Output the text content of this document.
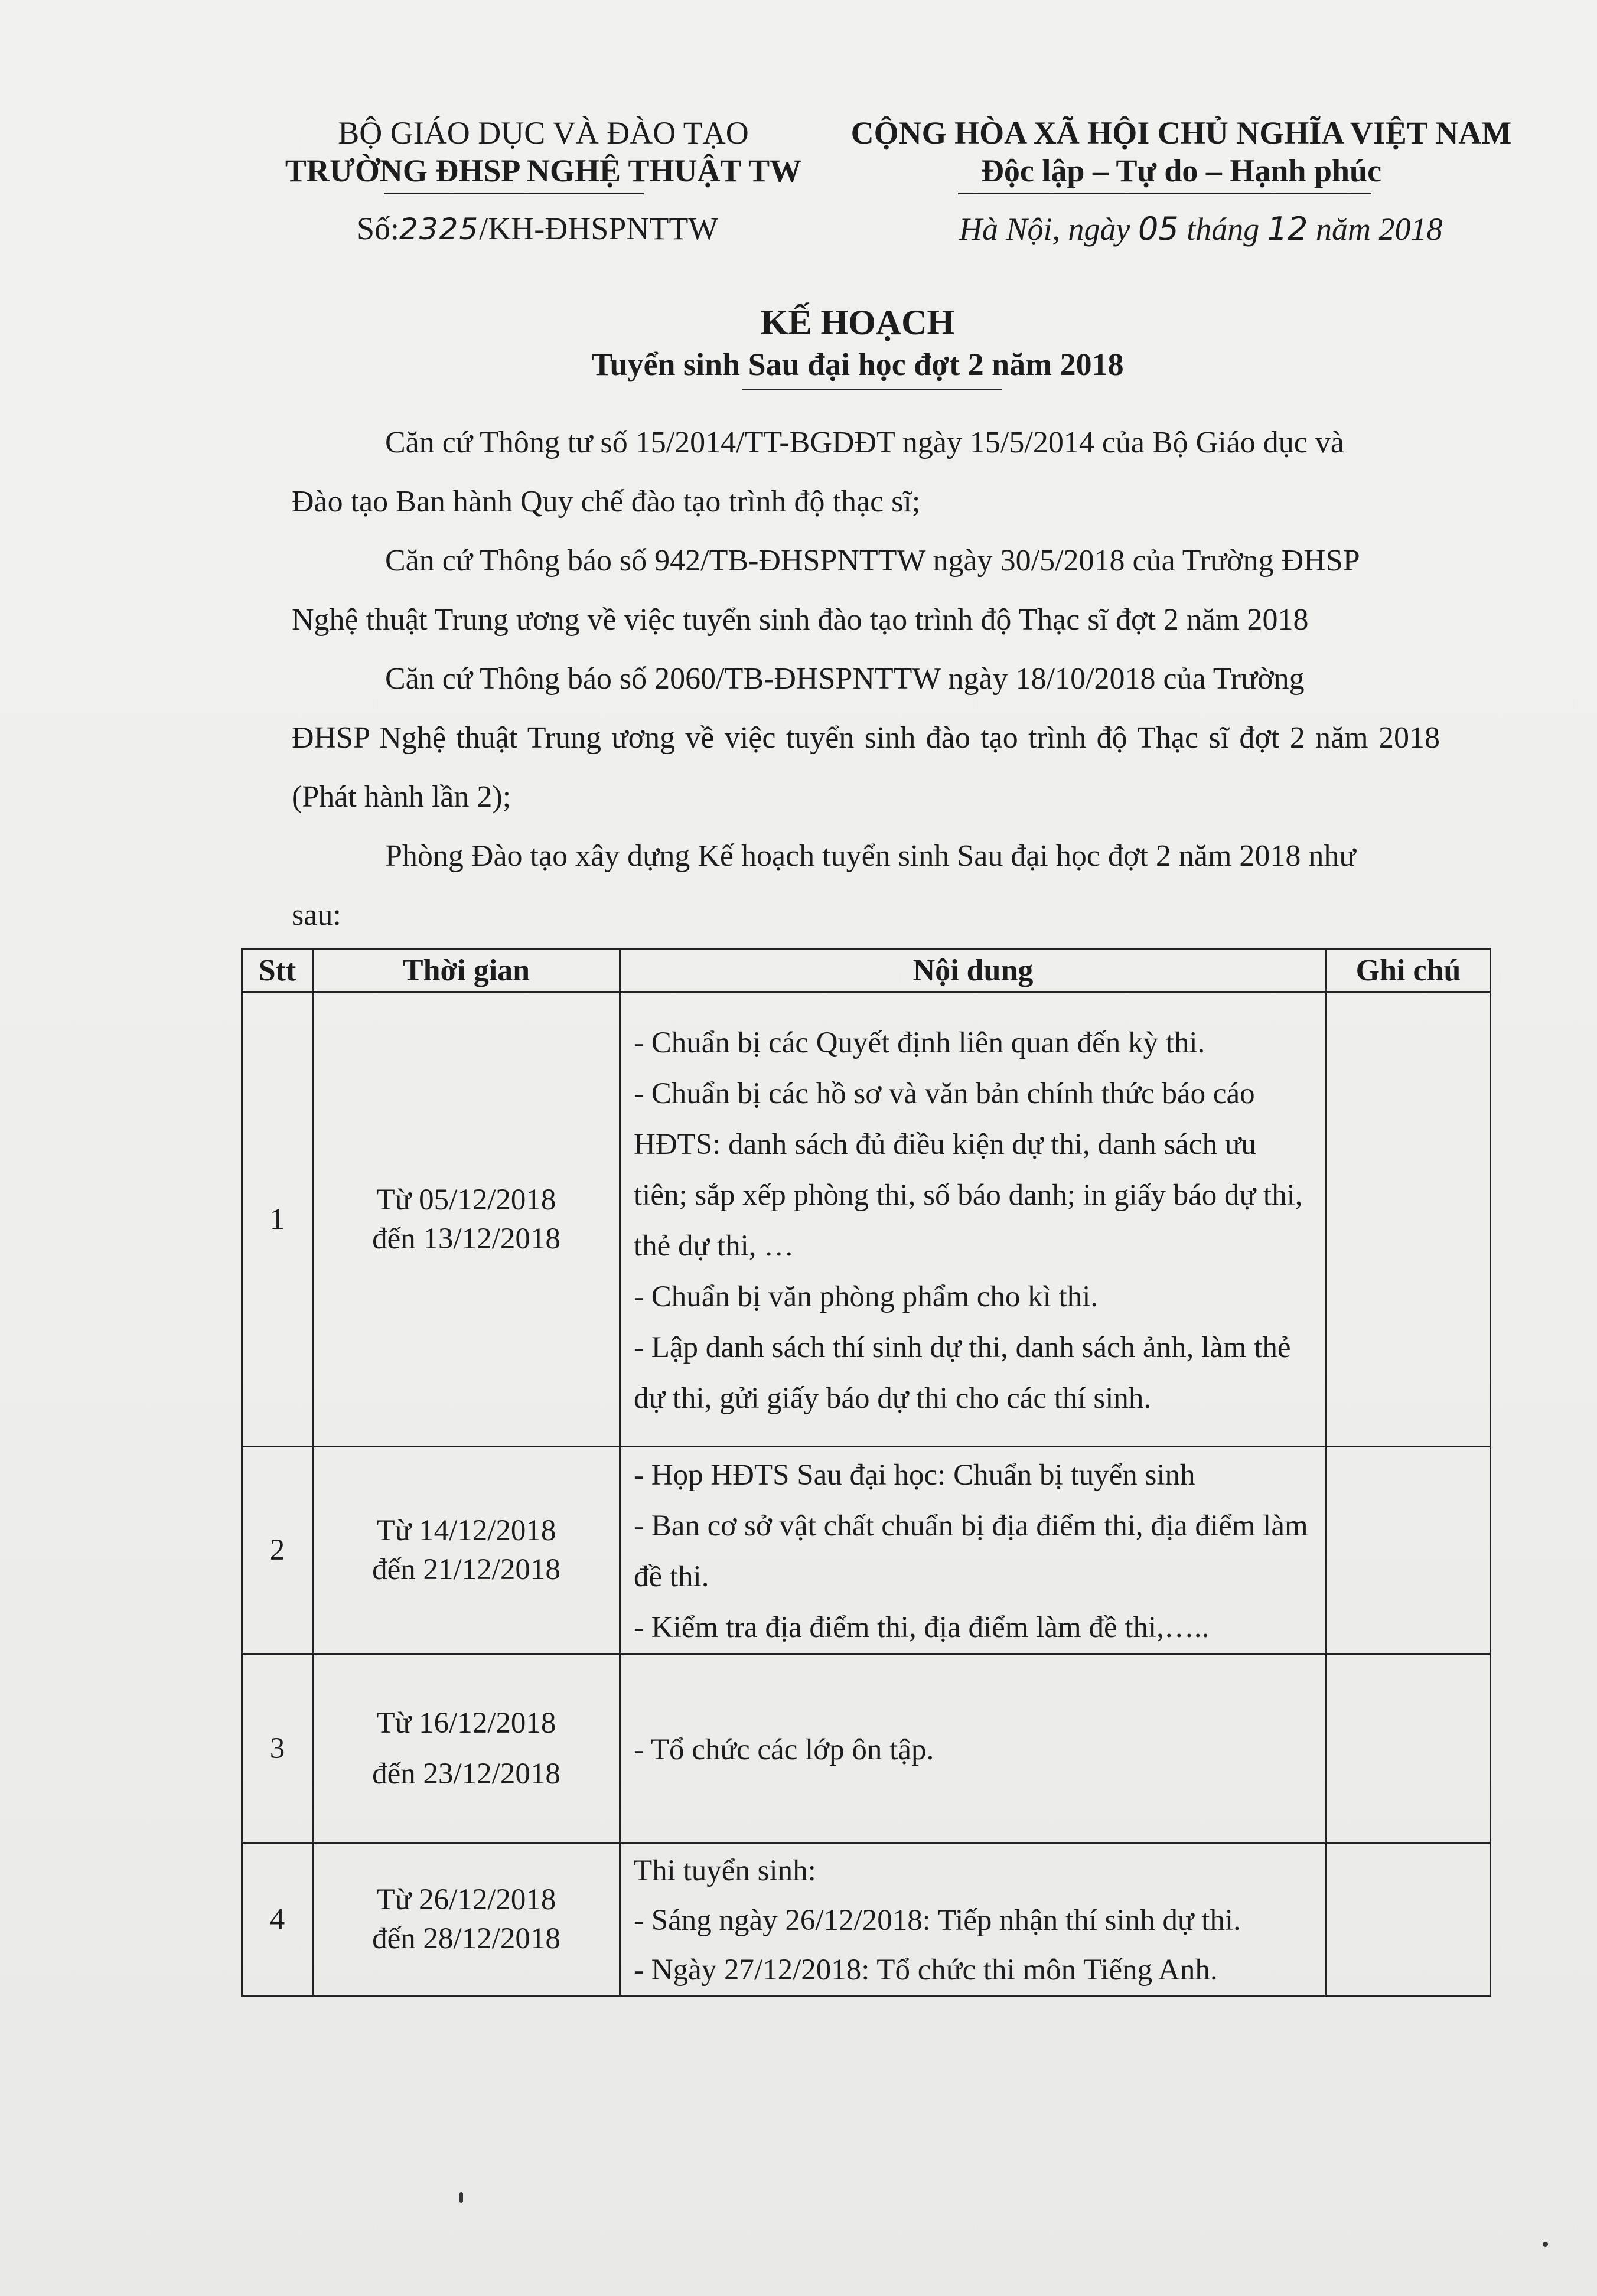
BỘ GIÁO DỤC VÀ ĐÀO TẠO
TRƯỜNG ĐHSP NGHỆ THUẬT TW
Số:2325/KH-ĐHSPNTTW
CỘNG HÒA XÃ HỘI CHỦ NGHĨA VIỆT NAM
Độc lập – Tự do – Hạnh phúc
Hà Nội, ngày 05 tháng 12 năm 2018
KẾ HOẠCH
Tuyển sinh Sau đại học đợt 2 năm 2018
Căn cứ Thông tư số 15/2014/TT-BGDĐT ngày 15/5/2014 của Bộ Giáo dục và
Đào tạo Ban hành Quy chế đào tạo trình độ thạc sĩ;
Căn cứ Thông báo số 942/TB-ĐHSPNTTW ngày 30/5/2018 của Trường ĐHSP
Nghệ thuật Trung ương về việc tuyển sinh đào tạo trình độ Thạc sĩ đợt 2 năm 2018
Căn cứ Thông báo số 2060/TB-ĐHSPNTTW ngày 18/10/2018 của Trường
ĐHSP Nghệ thuật Trung ương về việc tuyển sinh đào tạo trình độ Thạc sĩ đợt 2 năm 2018 (Phát hành lần 2);
Phòng Đào tạo xây dựng Kế hoạch tuyển sinh Sau đại học đợt 2 năm 2018 như
sau:
Stt	Thời gian	Nội dung	Ghi chú
1	Từ 05/12/2018
đến 13/12/2018	- Chuẩn bị các Quyết định liên quan đến kỳ thi.
- Chuẩn bị các hồ sơ và văn bản chính thức báo cáo HĐTS: danh sách đủ điều kiện dự thi, danh sách ưu tiên; sắp xếp phòng thi, số báo danh; in giấy báo dự thi, thẻ dự thi, …
- Chuẩn bị văn phòng phẩm cho kì thi.
- Lập danh sách thí sinh dự thi, danh sách ảnh, làm thẻ dự thi, gửi giấy báo dự thi cho các thí sinh.	

2	Từ 14/12/2018
đến 21/12/2018	- Họp HĐTS Sau đại học: Chuẩn bị tuyển sinh
- Ban cơ sở vật chất chuẩn bị địa điểm thi, địa điểm làm đề thi.
- Kiểm tra địa điểm thi, địa điểm làm đề thi,…..	

3	Từ 16/12/2018
đến 23/12/2018	- Tổ chức các lớp ôn tập.	

4	Từ 26/12/2018
đến 28/12/2018	Thi tuyển sinh:
- Sáng ngày 26/12/2018: Tiếp nhận thí sinh dự thi.
- Ngày 27/12/2018: Tổ chức thi môn Tiếng Anh.	
